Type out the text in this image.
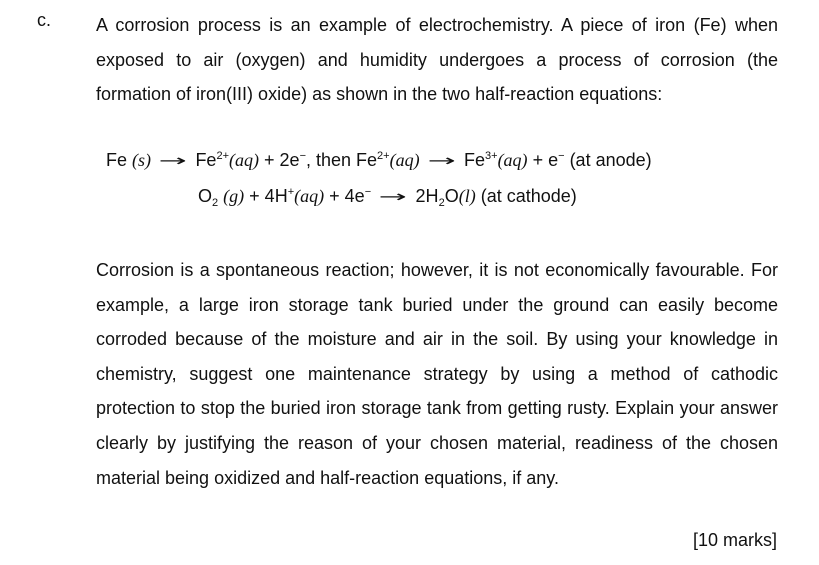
c. A corrosion process is an example of electrochemistry. A piece of iron (Fe) when exposed to air (oxygen) and humidity undergoes a process of corrosion (the formation of iron(III) oxide) as shown in the two half-reaction equations:

Fe $(s) \to Fe^{2+}(aq) + 2e^-$, then $Fe^{2+}(aq) \to Fe^{3+}(aq) + e^-$ (at anode)
$O_2$ $(g) + 4H^+(aq) + 4e^- \to 2H_2O(l)$ (at cathode)

Corrosion is a spontaneous reaction; however, it is not economically favourable. For example, a large iron storage tank buried under the ground can easily become corroded because of the moisture and air in the soil. By using your knowledge in chemistry, suggest one maintenance strategy by using a method of cathodic protection to stop the buried iron storage tank from getting rusty. Explain your answer clearly by justifying the reason of your chosen material, readiness of the chosen material being oxidized and half-reaction equations, if any.

[10 marks]
